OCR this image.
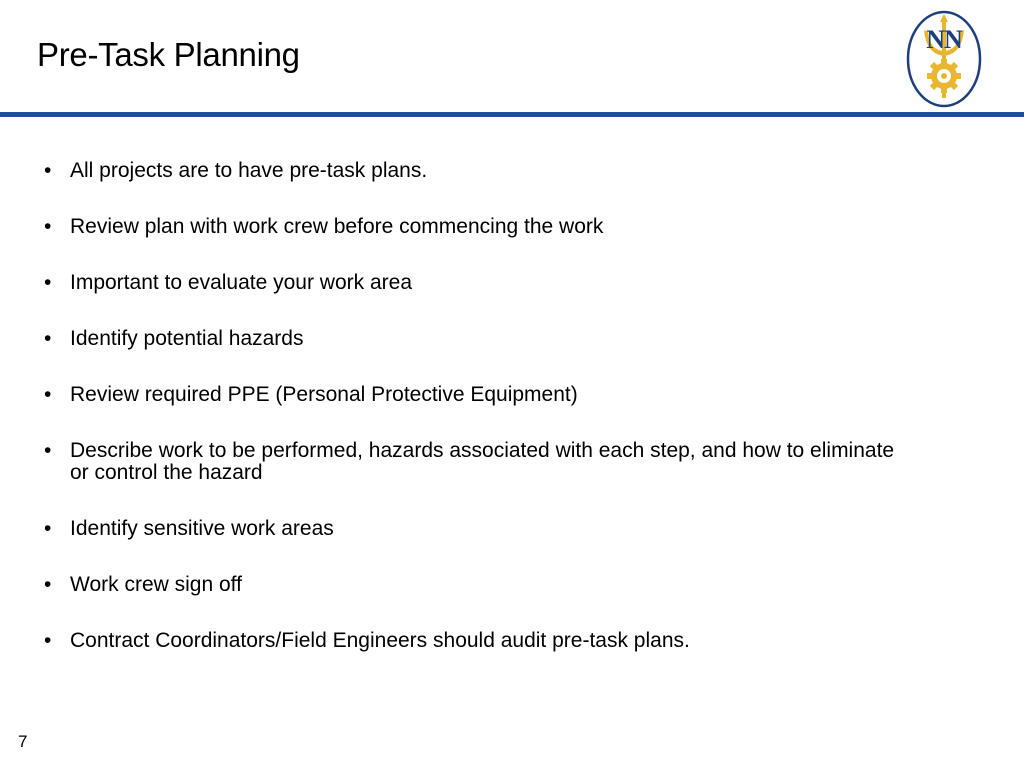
Pre-Task Planning	NN
• All projects are to have pre-task plans.
• Review plan with work crew before commencing the work
• Important to evaluate your work area
• Identify potential hazards
• Review required PPE (Personal Protective Equipment)
• Describe work to be performed, hazards associated with each step, and how to eliminate or control the hazard
• Identify sensitive work areas
• Work crew sign off
• Contract Coordinators/Field Engineers should audit pre-task plans.
7
